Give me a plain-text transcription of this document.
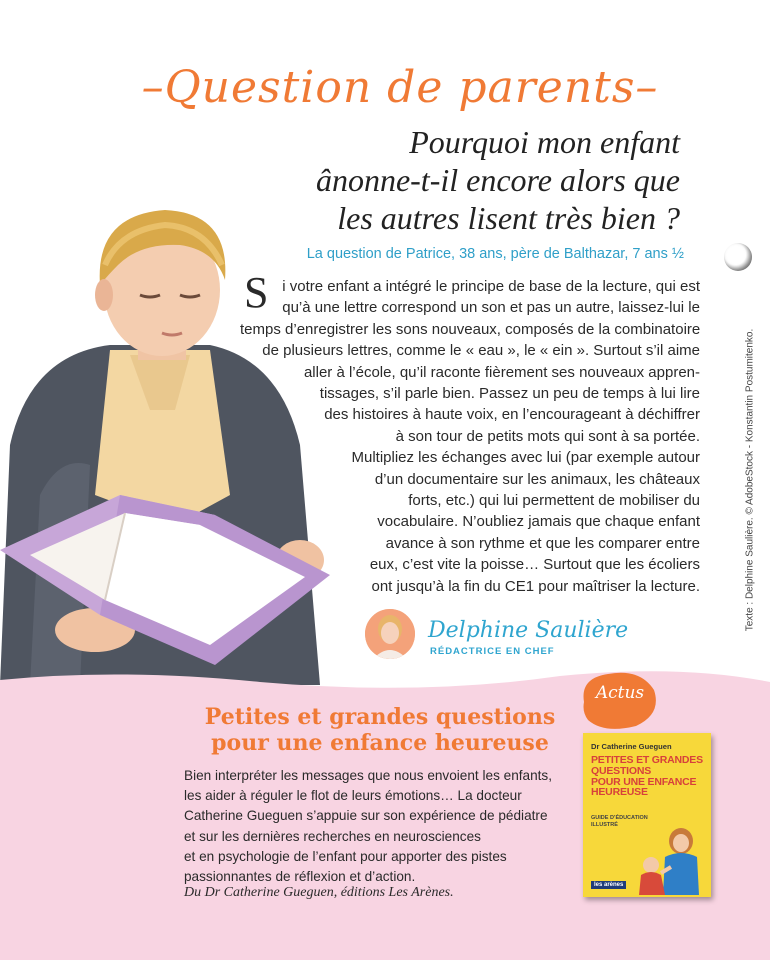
–Question de parents–
Pourquoi mon enfant
ânonne-t-il encore alors que
les autres lisent très bien ?
La question de Patrice, 38 ans, père de Balthazar, 7 ans ½
S i votre enfant a intégré le principe de base de la lecture, qui est
qu’à une lettre correspond un son et pas un autre, laissez-lui le
temps d’enregistrer les sons nouveaux, composés de la combinatoire
de plusieurs lettres, comme le « eau », le « ein ». Surtout s’il aime
aller à l’école, qu’il raconte fièrement ses nouveaux appren-
tissages, s’il parle bien. Passez un peu de temps à lui lire
des histoires à haute voix, en l’encourageant à déchiffrer
à son tour de petits mots qui sont à sa portée.
Multipliez les échanges avec lui (par exemple autour
d’un documentaire sur les animaux, les châteaux
forts, etc.) qui lui permettent de mobiliser du
vocabulaire. N’oubliez jamais que chaque enfant
avance à son rythme et que les comparer entre
eux, c’est vite la poisse… Surtout que les écoliers
ont jusqu’à la fin du CE1 pour maîtriser la lecture.
Delphine Saulière
RÉDACTRICE EN CHEF
Texte : Delphine Saulière. © AdobeStock - Konstantin Postumitenko.
Actus
Petites et grandes questions
pour une enfance heureuse
Bien interpréter les messages que nous envoient les enfants,
les aider à réguler le flot de leurs émotions… La docteur
Catherine Gueguen s’appuie sur son expérience de pédiatre
et sur les dernières recherches en neurosciences
et en psychologie de l’enfant pour apporter des pistes
passionnantes de réflexion et d’action.
Du Dr Catherine Gueguen, éditions Les Arènes.
Dr Catherine Gueguen
PETITES ET GRANDES
QUESTIONS
POUR UNE ENFANCE
HEUREUSE
GUIDE D’ÉDUCATION
ILLUSTRÉ
les arènes
